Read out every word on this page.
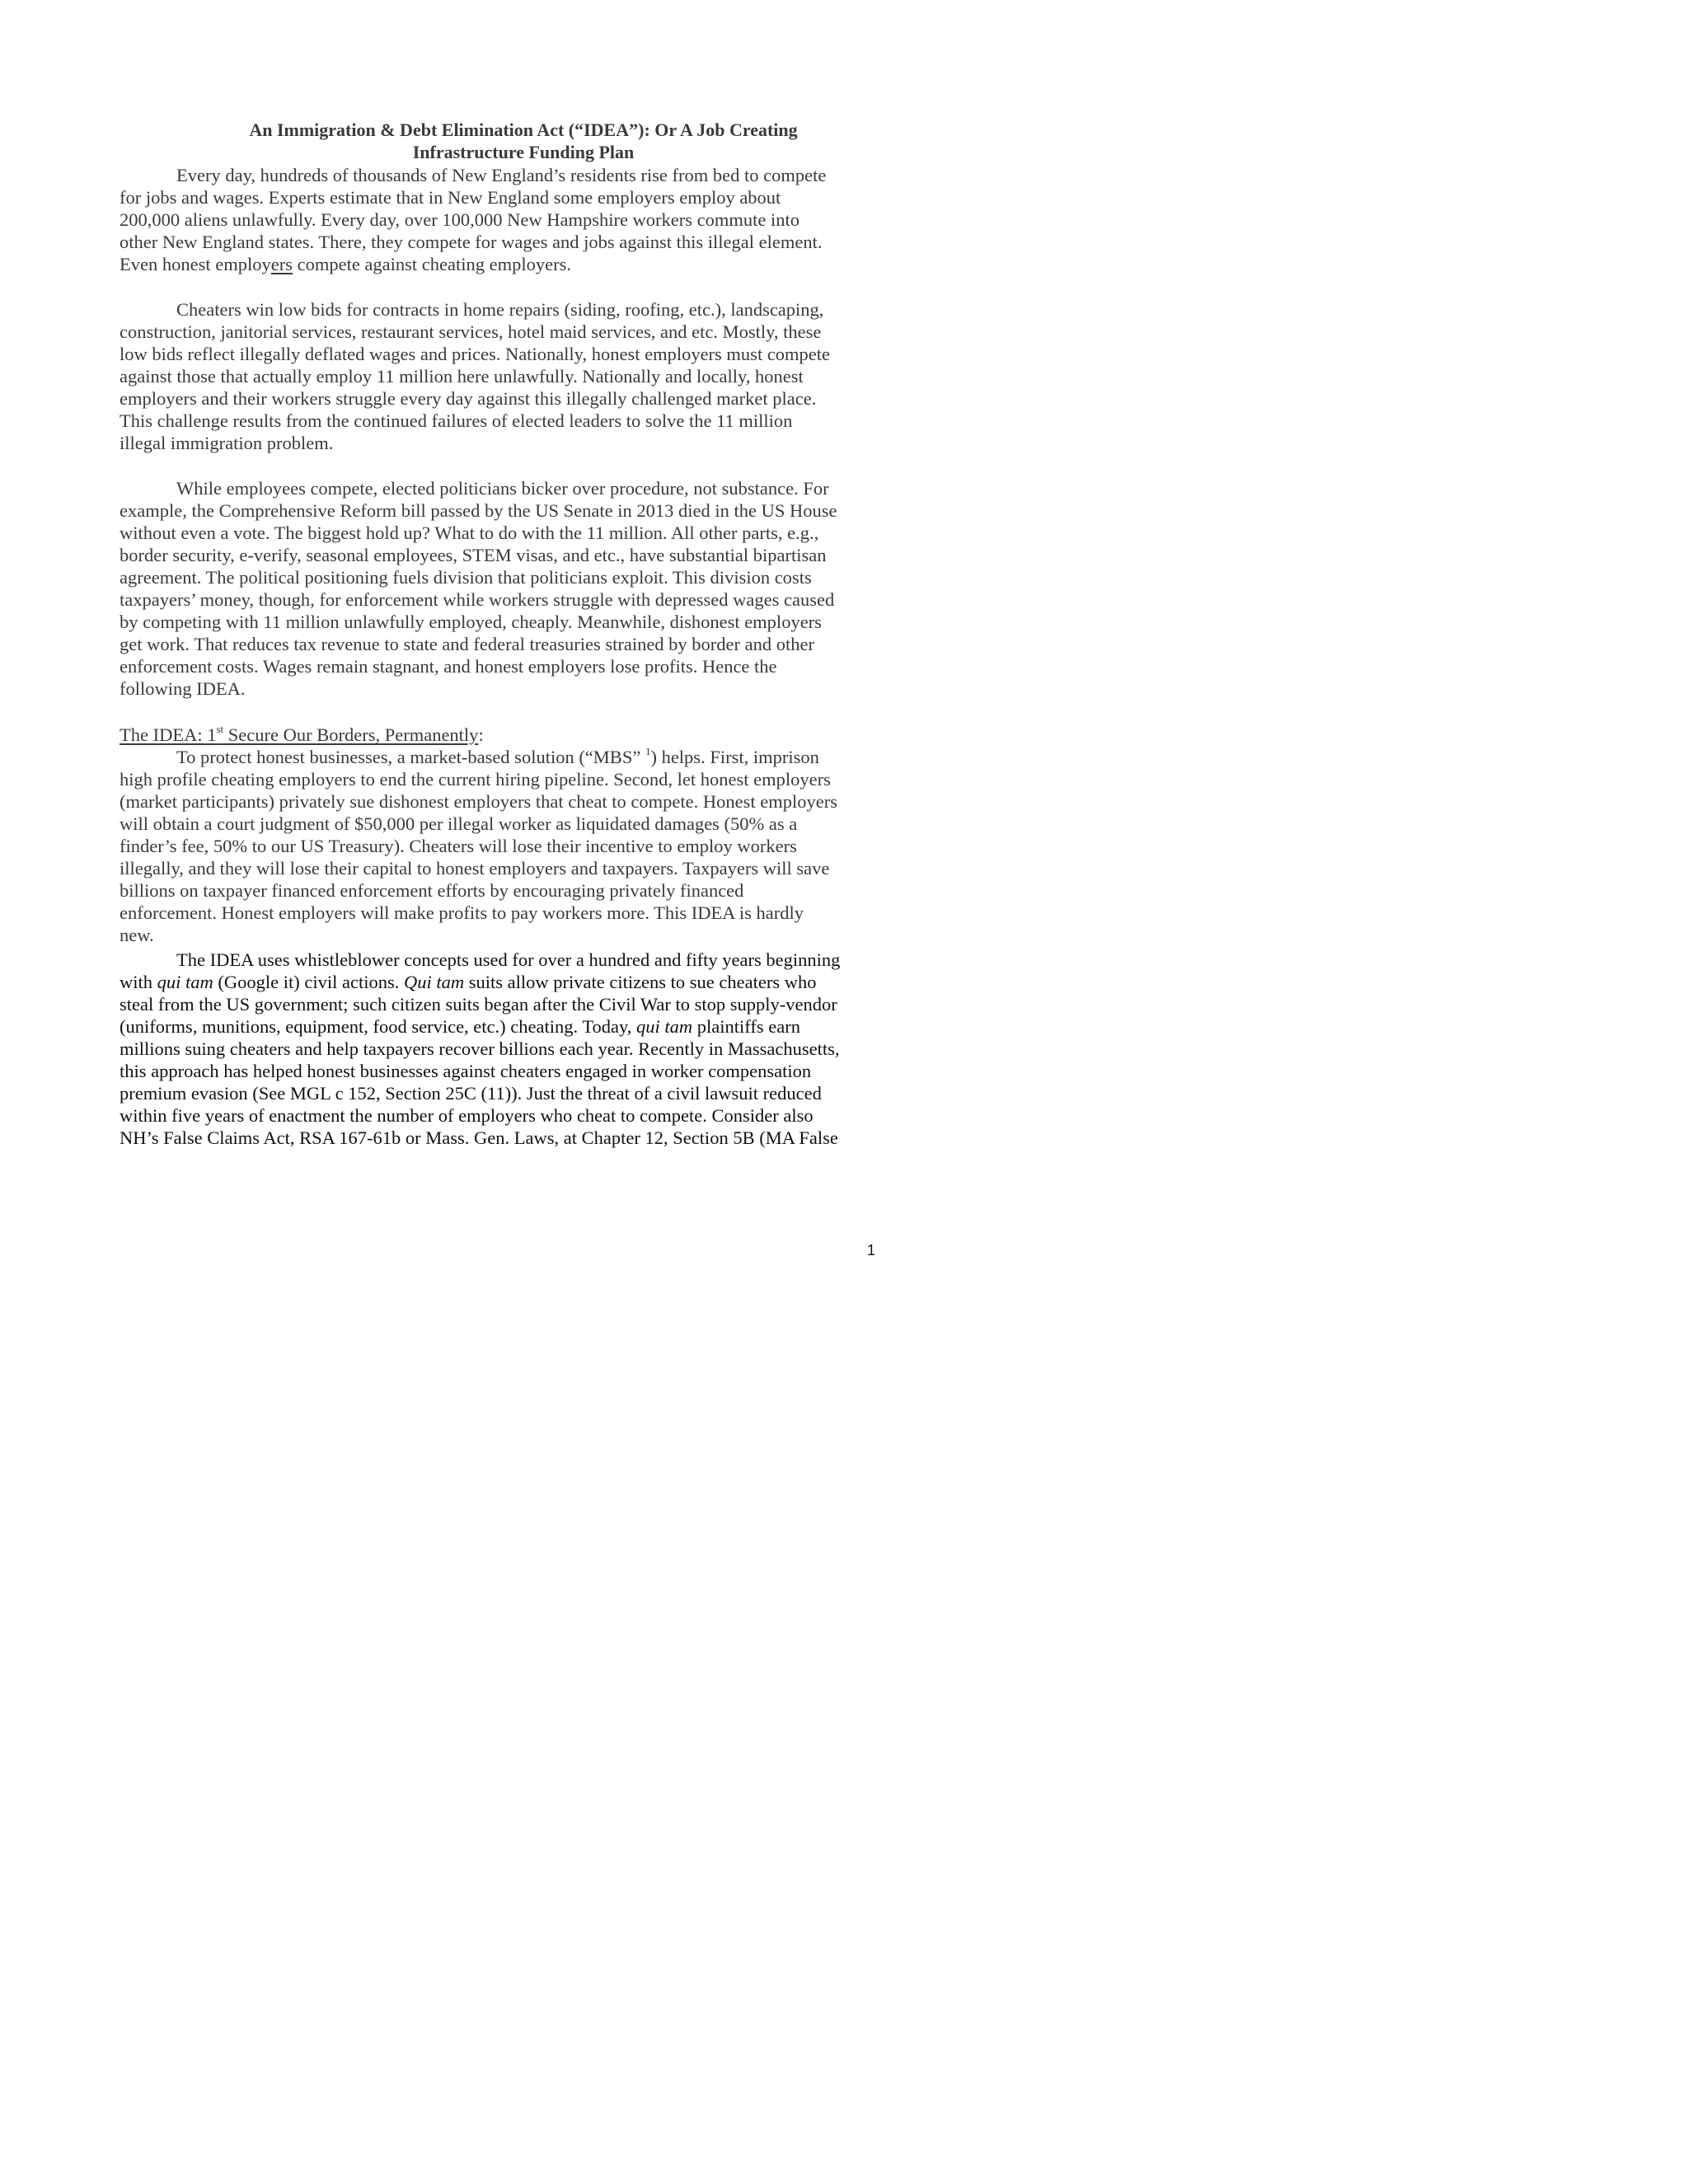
An Immigration & Debt Elimination Act (“IDEA”): Or A Job Creating
Infrastructure Funding Plan
Every day, hundreds of thousands of New England’s residents rise from bed to compete
for jobs and wages. Experts estimate that in New England some employers employ about
200,000 aliens unlawfully. Every day, over 100,000 New Hampshire workers commute into
other New England states. There, they compete for wages and jobs against this illegal element.
Even honest employers compete against cheating employers.
Cheaters win low bids for contracts in home repairs (siding, roofing, etc.), landscaping,
construction, janitorial services, restaurant services, hotel maid services, and etc. Mostly, these
low bids reflect illegally deflated wages and prices. Nationally, honest employers must compete
against those that actually employ 11 million here unlawfully. Nationally and locally, honest
employers and their workers struggle every day against this illegally challenged market place.
This challenge results from the continued failures of elected leaders to solve the 11 million
illegal immigration problem.
While employees compete, elected politicians bicker over procedure, not substance. For
example, the Comprehensive Reform bill passed by the US Senate in 2013 died in the US House
without even a vote. The biggest hold up? What to do with the 11 million. All other parts, e.g.,
border security, e-verify, seasonal employees, STEM visas, and etc., have substantial bipartisan
agreement. The political positioning fuels division that politicians exploit. This division costs
taxpayers’ money, though, for enforcement while workers struggle with depressed wages caused
by competing with 11 million unlawfully employed, cheaply. Meanwhile, dishonest employers
get work. That reduces tax revenue to state and federal treasuries strained by border and other
enforcement costs. Wages remain stagnant, and honest employers lose profits. Hence the
following IDEA.
The IDEA: 1st Secure Our Borders, Permanently:
To protect honest businesses, a market-based solution (“MBS” $^1$) helps. First, imprison
high profile cheating employers to end the current hiring pipeline. Second, let honest employers
(market participants) privately sue dishonest employers that cheat to compete. Honest employers
will obtain a court judgment of $50,000 per illegal worker as liquidated damages (50% as a
finder’s fee, 50% to our US Treasury). Cheaters will lose their incentive to employ workers
illegally, and they will lose their capital to honest employers and taxpayers. Taxpayers will save
billions on taxpayer financed enforcement efforts by encouraging privately financed
enforcement. Honest employers will make profits to pay workers more. This IDEA is hardly
new.
The IDEA uses whistleblower concepts used for over a hundred and fifty years beginning
with qui tam (Google it) civil actions. Qui tam suits allow private citizens to sue cheaters who
steal from the US government; such citizen suits began after the Civil War to stop supply-vendor
(uniforms, munitions, equipment, food service, etc.) cheating. Today, qui tam plaintiffs earn
millions suing cheaters and help taxpayers recover billions each year. Recently in Massachusetts,
this approach has helped honest businesses against cheaters engaged in worker compensation
premium evasion (See MGL c 152, Section 25C (11)). Just the threat of a civil lawsuit reduced
within five years of enactment the number of employers who cheat to compete. Consider also
NH’s False Claims Act, RSA 167-61b or Mass. Gen. Laws, at Chapter 12, Section 5B (MA False
1
